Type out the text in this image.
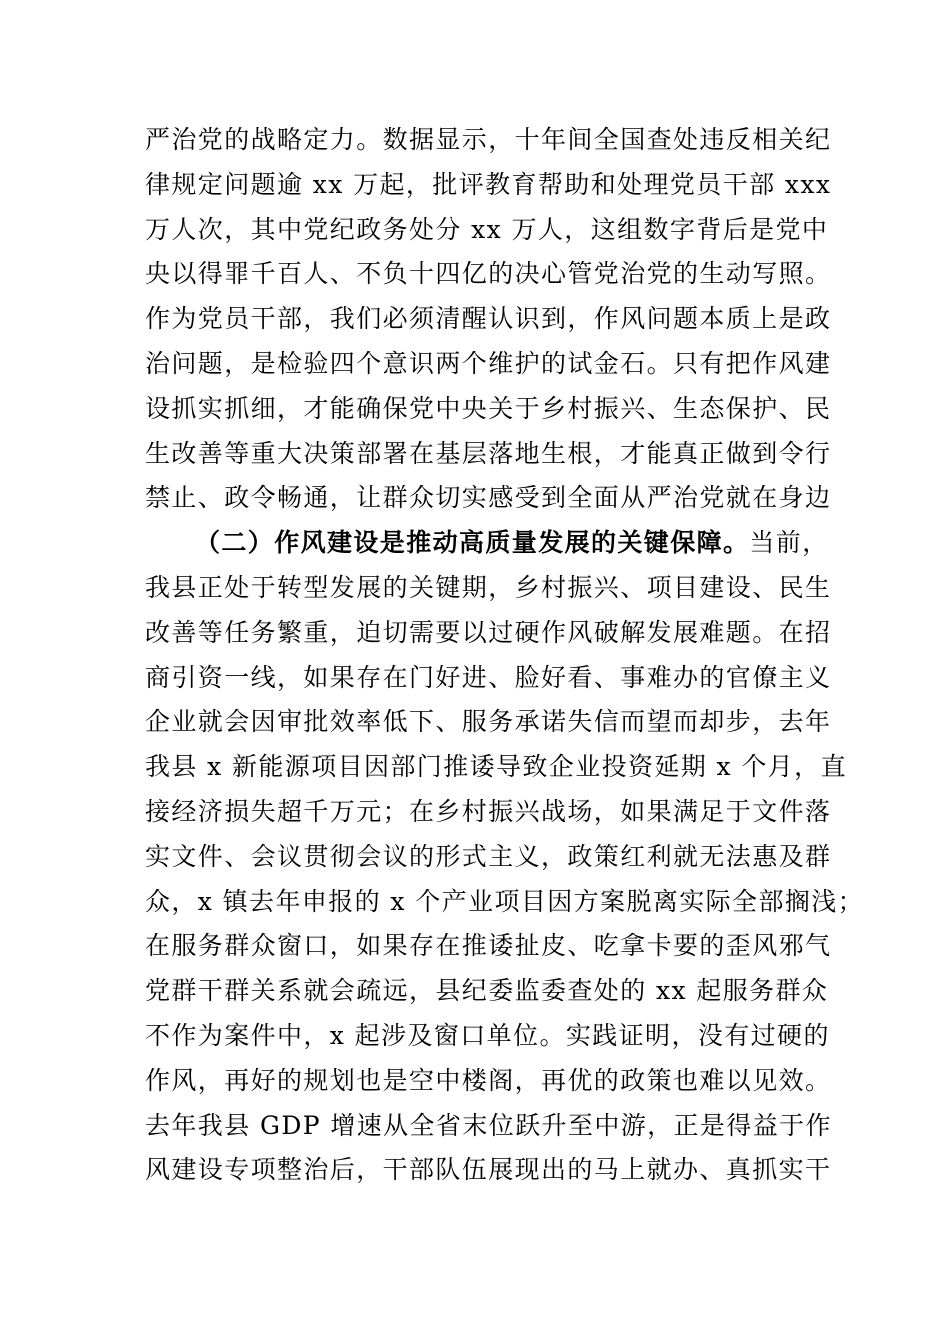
严治党的战略定力。数据显示，十年间全国查处违反相关纪
律规定问题逾 xx 万起，批评教育帮助和处理党员干部 xxx
万人次，其中党纪政务处分 xx 万人，这组数字背后是党中
央以得罪千百人、不负十四亿的决心管党治党的生动写照。
作为党员干部，我们必须清醒认识到，作风问题本质上是政
治问题，是检验四个意识两个维护的试金石。只有把作风建
设抓实抓细，才能确保党中央关于乡村振兴、生态保护、民
生改善等重大决策部署在基层落地生根，才能真正做到令行
禁止、政令畅通，让群众切实感受到全面从严治党就在身边
（二）作风建设是推动高质量发展的关键保障。当前，
我县正处于转型发展的关键期，乡村振兴、项目建设、民生
改善等任务繁重，迫切需要以过硬作风破解发展难题。在招
商引资一线，如果存在门好进、脸好看、事难办的官僚主义
企业就会因审批效率低下、服务承诺失信而望而却步，去年
我县 x 新能源项目因部门推诿导致企业投资延期 x 个月，直
接经济损失超千万元；在乡村振兴战场，如果满足于文件落
实文件、会议贯彻会议的形式主义，政策红利就无法惠及群
众，x 镇去年申报的 x 个产业项目因方案脱离实际全部搁浅；
在服务群众窗口，如果存在推诿扯皮、吃拿卡要的歪风邪气
党群干群关系就会疏远，县纪委监委查处的 xx 起服务群众
不作为案件中，x 起涉及窗口单位。实践证明，没有过硬的
作风，再好的规划也是空中楼阁，再优的政策也难以见效。
去年我县 GDP 增速从全省末位跃升至中游，正是得益于作
风建设专项整治后，干部队伍展现出的马上就办、真抓实干
